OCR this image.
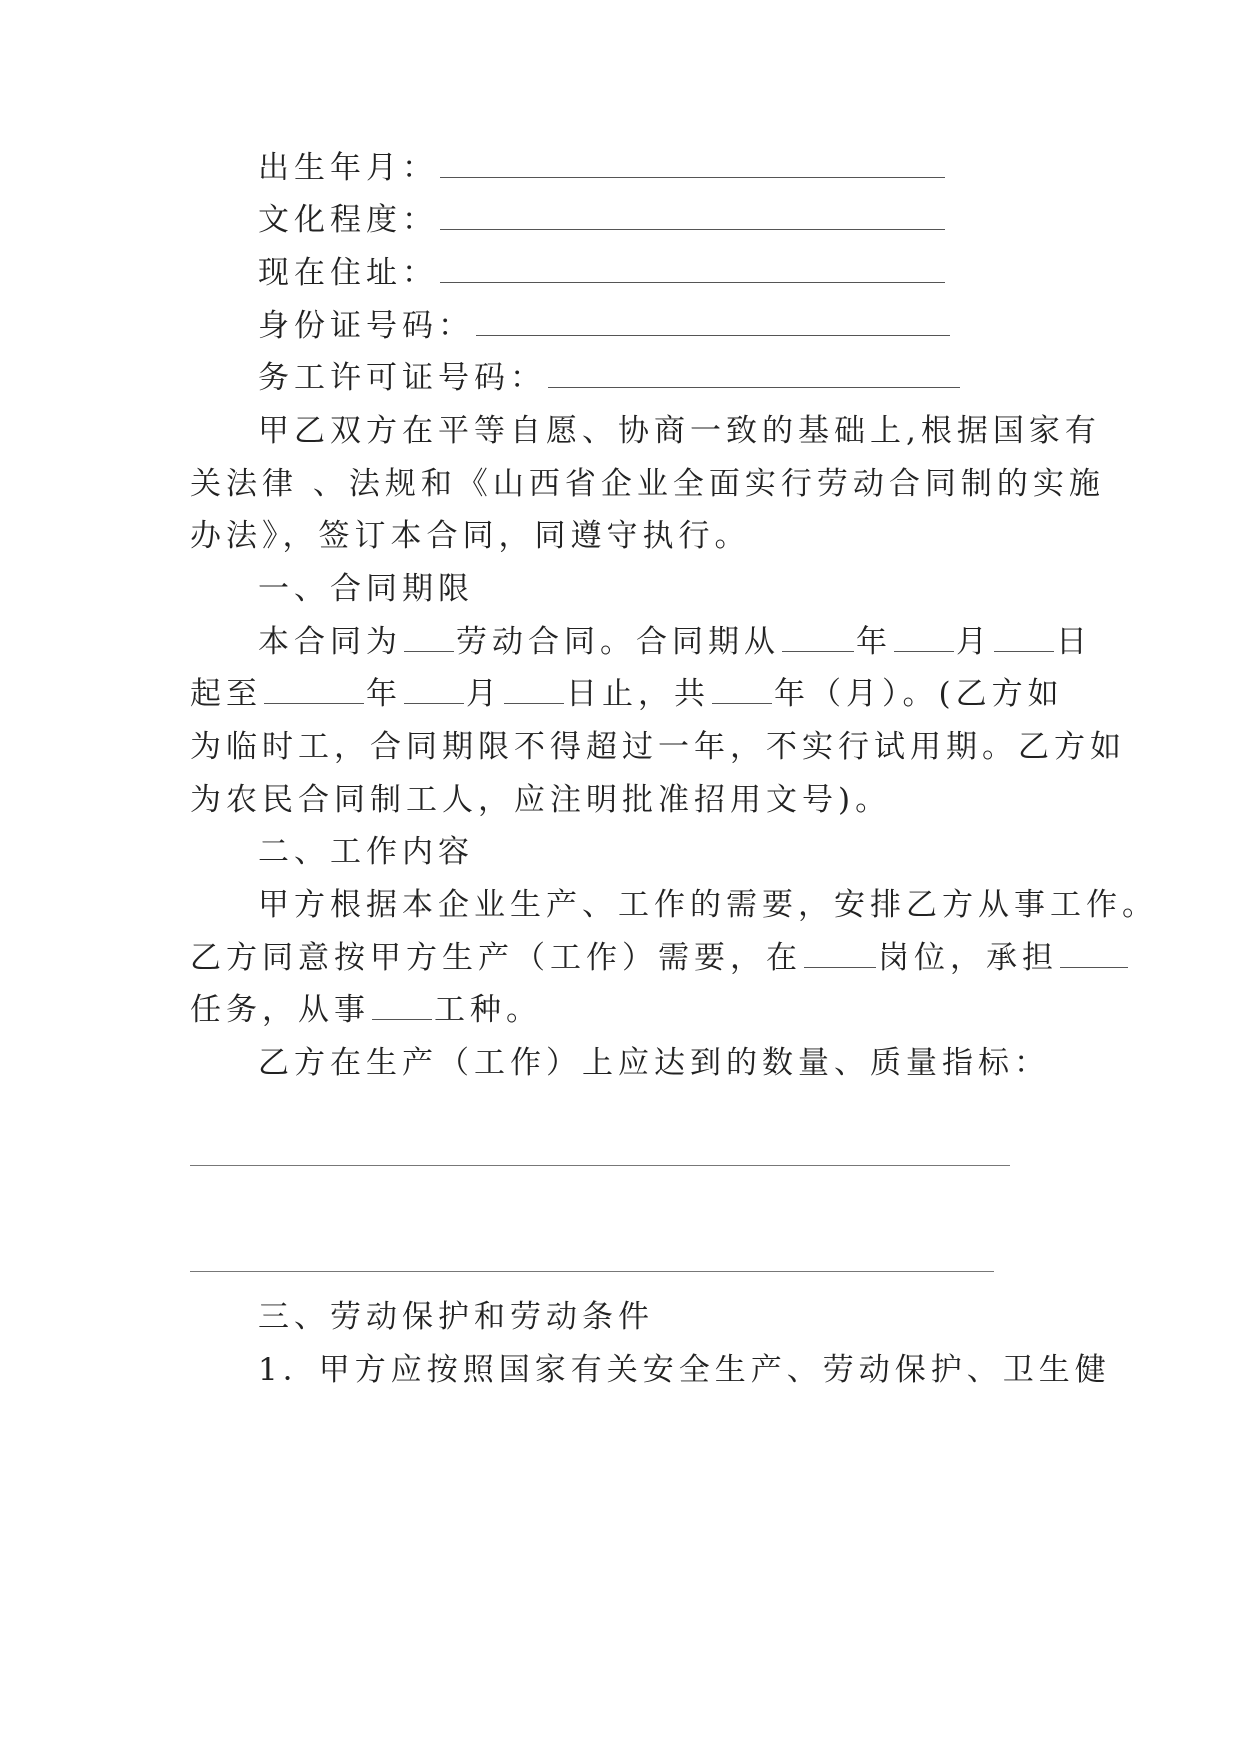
出生年月：
文化程度：
现在住址：
身份证号码：
务工许可证号码：
甲乙双方在平等自愿、协商一致的基础上,根据国家有
关法律 、法规和《山西省企业全面实行劳动合同制的实施
办法》，签订本合同，同遵守执行。
一、合同期限
本合同为 劳动合同。合同期从 年 月 日
起至	年 月 日止，共 年（月）。(乙方如
为临时工，合同期限不得超过一年，不实行试用期。乙方如
为农民合同制工人，应注明批准招用文号)。
二、工作内容
甲方根据本企业生产、工作的需要，安排乙方从事工作。
乙方同意按甲方生产（工作）需要，在 岗位，承担
任务，从事 工种。
乙方在生产（工作）上应达到的数量、质量指标：
三、劳动保护和劳动条件
1．甲方应按照国家有关安全生产、劳动保护、卫生健
